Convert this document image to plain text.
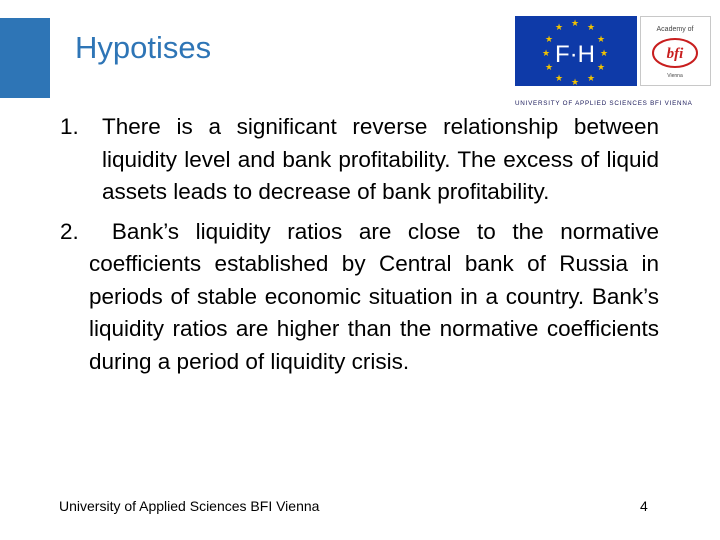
Hypotises
★ ★
★
★
★
★
★
★
★
★
★
★
F·H
Academy of
bfi
Vienna
UNIVERSITY OF APPLIED SCIENCES BFI VIENNA
1. There is a significant reverse relationship between liquidity level and bank profitability. The excess of liquid assets leads to decrease of bank profitability.
2. Bank’s liquidity ratios are close to the normative coefficients established by Central bank of Russia in periods of stable economic situation in a country. Bank’s liquidity ratios are higher than the normative coefficients during a period of liquidity crisis.
University of Applied Sciences BFI Vienna	4
